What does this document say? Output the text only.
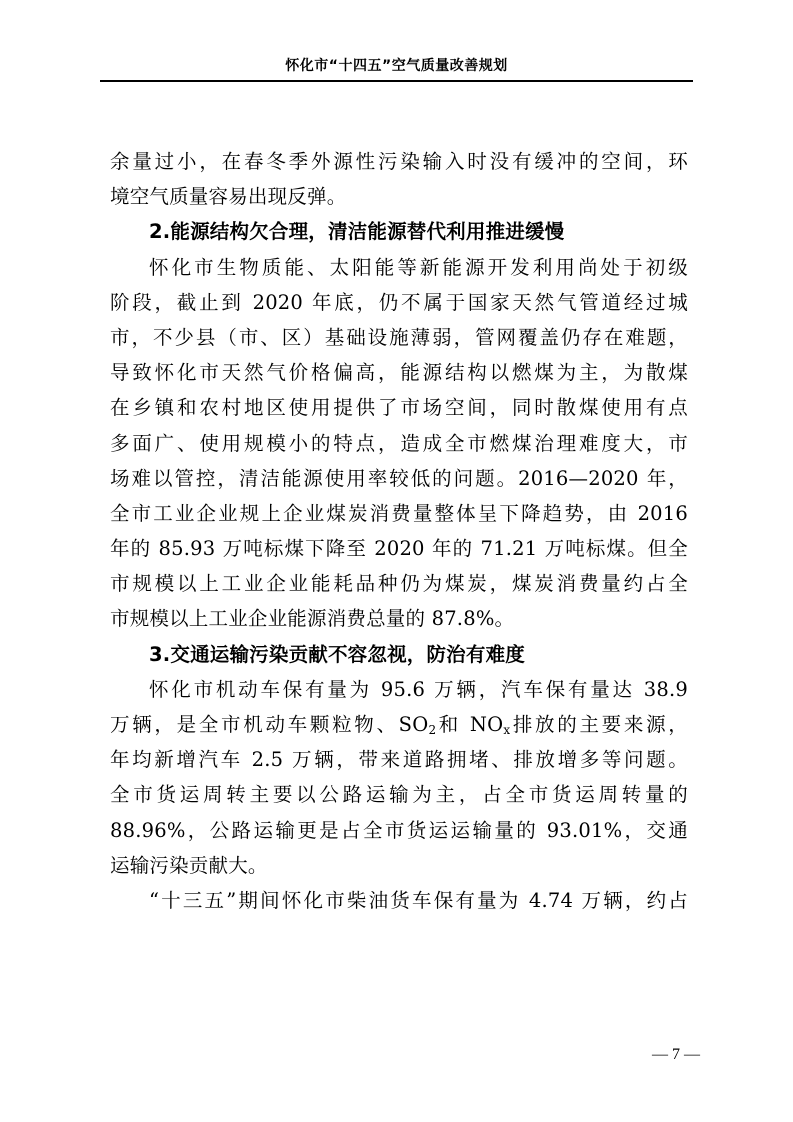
怀化市“十四五”空气质量改善规划
余量过小，在春冬季外源性污染输入时没有缓冲的空间，环
境空气质量容易出现反弹。
2.能源结构欠合理，清洁能源替代利用推进缓慢
怀化市生物质能、太阳能等新能源开发利用尚处于初级
阶段，截止到 2020 年底，仍不属于国家天然气管道经过城
市，不少县（市、区）基础设施薄弱，管网覆盖仍存在难题，
导致怀化市天然气价格偏高，能源结构以燃煤为主，为散煤
在乡镇和农村地区使用提供了市场空间，同时散煤使用有点
多面广、使用规模小的特点，造成全市燃煤治理难度大，市
场难以管控，清洁能源使用率较低的问题。2016—2020 年，
全市工业企业规上企业煤炭消费量整体呈下降趋势，由 2016
年的 85.93 万吨标煤下降至 2020 年的 71.21 万吨标煤。但全
市规模以上工业企业能耗品种仍为煤炭，煤炭消费量约占全
市规模以上工业企业能源消费总量的 87.8%。
3.交通运输污染贡献不容忽视，防治有难度
怀化市机动车保有量为 95.6 万辆，汽车保有量达 38.9
万辆，是全市机动车颗粒物、$SO_2$和 $NO_x$排放的主要来源，
年均新增汽车 2.5 万辆，带来道路拥堵、排放增多等问题。
全市货运周转主要以公路运输为主，占全市货运周转量的
88.96%，公路运输更是占全市货运运输量的 93.01%，交通
运输污染贡献大。
“十三五”期间怀化市柴油货车保有量为 4.74 万辆，约占
— 7 —
